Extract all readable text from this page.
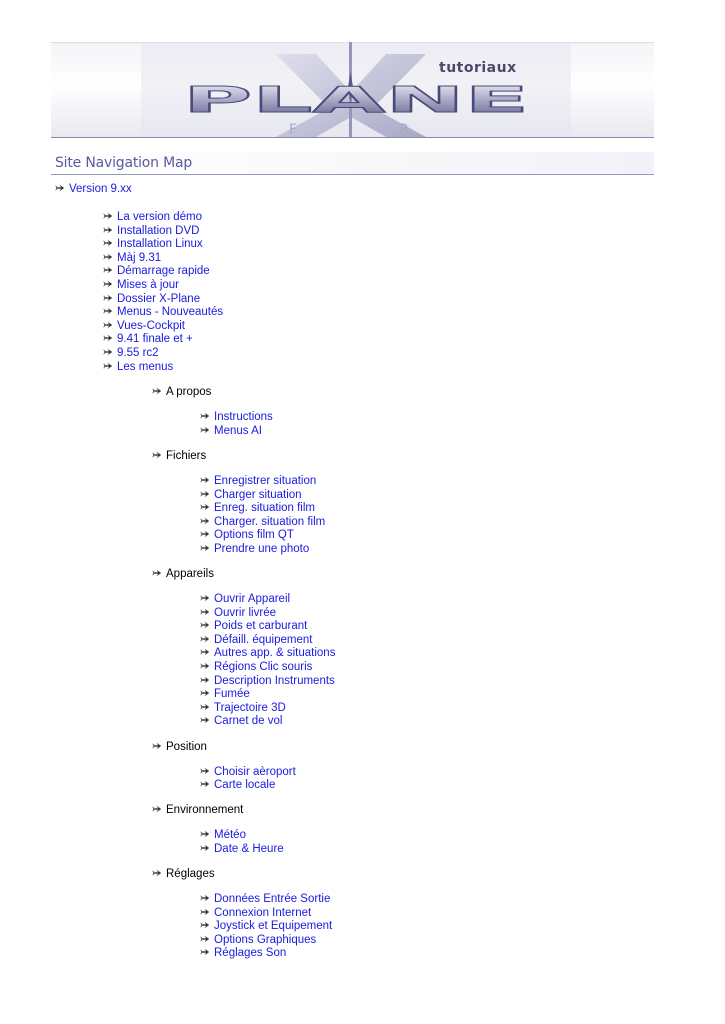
PLANE
FR
tutoriaux
Site Navigation Map
Version 9.xx
La version démo
Installation DVD
Installation Linux
Màj 9.31
Démarrage rapide
Mises à jour
Dossier X-Plane
Menus - Nouveautés
Vues-Cockpit
9.41 finale et +
9.55 rc2
Les menus
A propos
Instructions
Menus AI
Fichiers
Enregistrer situation
Charger situation
Enreg. situation film
Charger. situation film
Options film QT
Prendre une photo
Appareils
Ouvrir Appareil
Ouvrir livrée
Poids et carburant
Défaill. équipement
Autres app. & situations
Régions Clic souris
Description Instruments
Fumée
Trajectoire 3D
Carnet de vol
Position
Choisir aèroport
Carte locale
Environnement
Météo
Date & Heure
Réglages
Données Entrée Sortie
Connexion Internet
Joystick et Equipement
Options Graphiques
Réglages Son
